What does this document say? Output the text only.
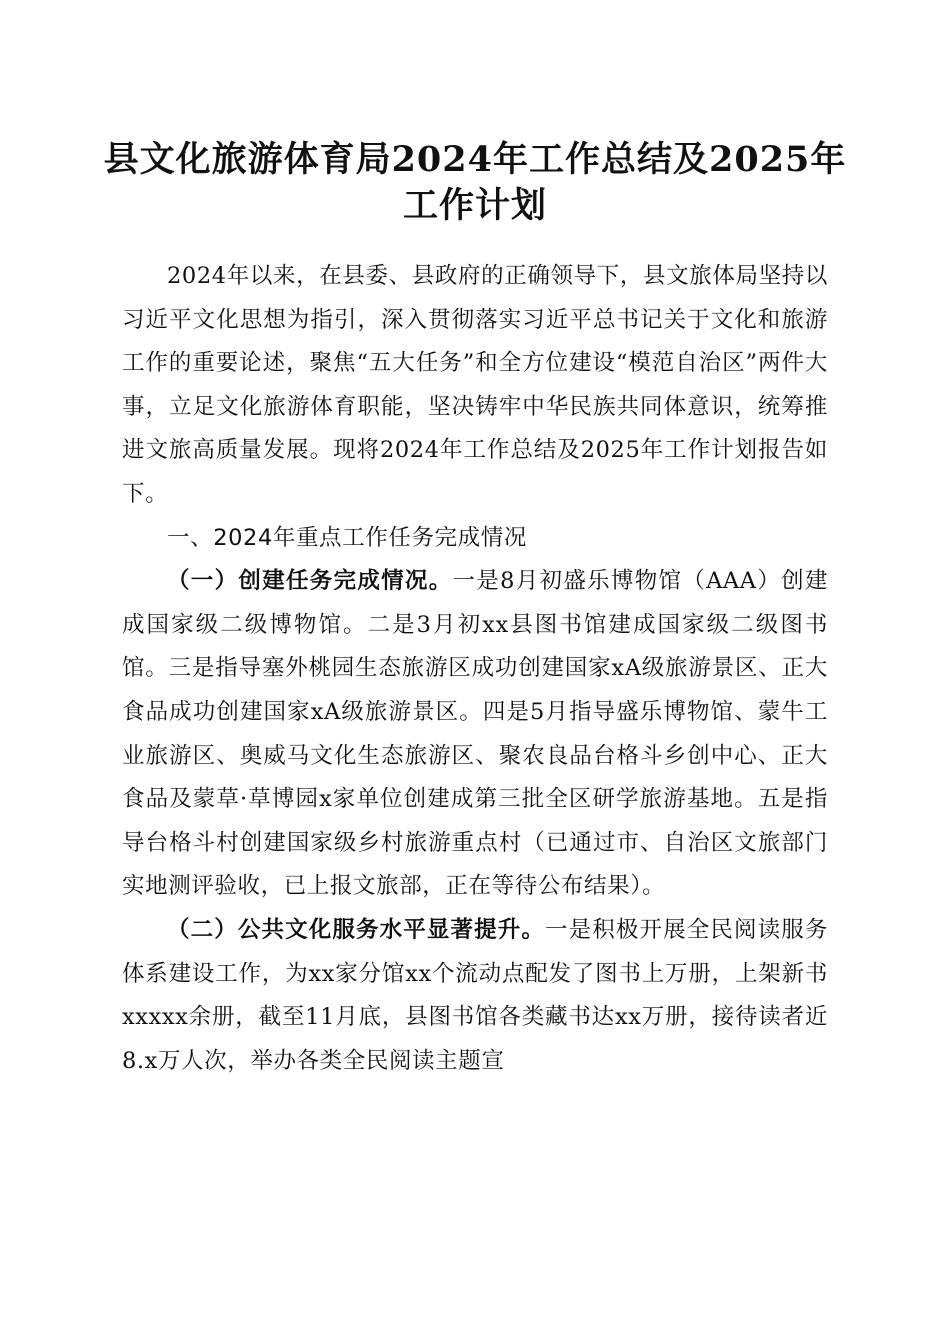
县文化旅游体育局2024年工作总结及2025年
工作计划

2024年以来，在县委、县政府的正确领导下，县文旅体局坚持以习近平文化思想为指引，深入贯彻落实习近平总书记关于文化和旅游工作的重要论述，聚焦“五大任务”和全方位建设“模范自治区”两件大事，立足文化旅游体育职能，坚决铸牢中华民族共同体意识，统筹推进文旅高质量发展。现将2024年工作总结及2025年工作计划报告如下。

一、2024年重点工作任务完成情况

（一）创建任务完成情况。一是8月初盛乐博物馆（AAA）创建成国家级二级博物馆。二是3月初xx县图书馆建成国家级二级图书馆。三是指导塞外桃园生态旅游区成功创建国家xA级旅游景区、正大食品成功创建国家xA级旅游景区。四是5月指导盛乐博物馆、蒙牛工业旅游区、奥威马文化生态旅游区、聚农良品台格斗乡创中心、正大食品及蒙草·草博园x家单位创建成第三批全区研学旅游基地。五是指导台格斗村创建国家级乡村旅游重点村（已通过市、自治区文旅部门实地测评验收，已上报文旅部，正在等待公布结果）。

（二）公共文化服务水平显著提升。一是积极开展全民阅读服务体系建设工作，为xx家分馆xx个流动点配发了图书上万册，上架新书xxxxx余册，截至11月底，县图书馆各类藏书达xx万册，接待读者近8.x万人次，举办各类全民阅读主题宣
